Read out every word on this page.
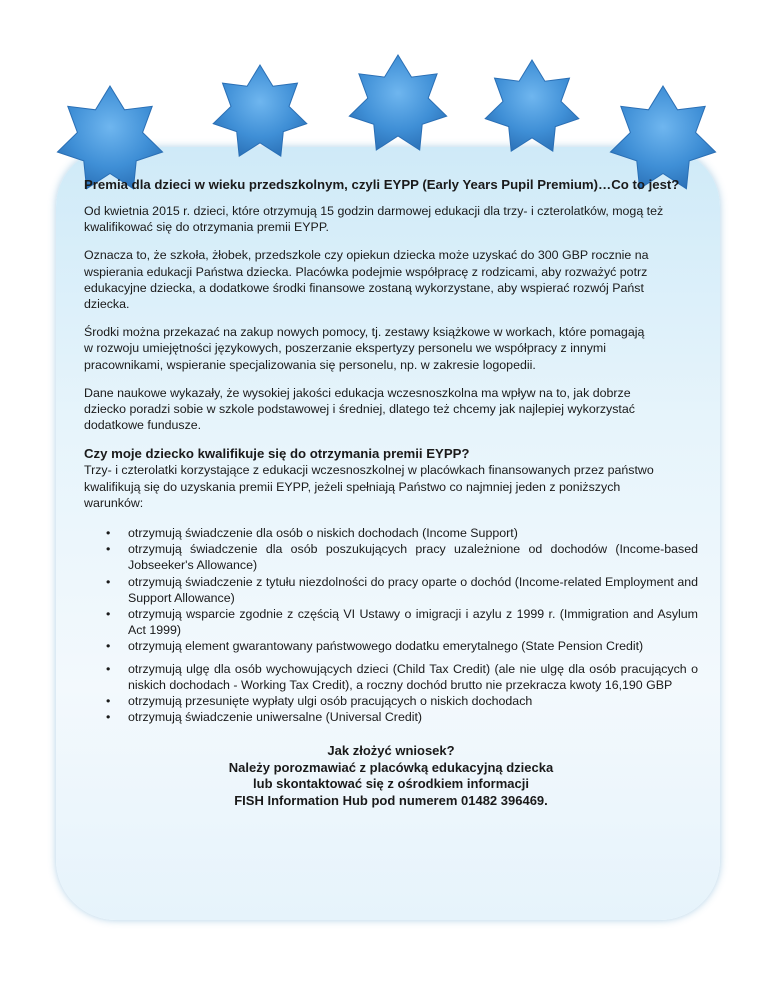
Premia dla dzieci w wieku przedszkolnym, czyli EYPP (Early Years Pupil Premium)…Co to jest?

Od kwietnia 2015 r. dzieci, które otrzymują 15 godzin darmowej edukacji dla trzy- i czterolatków, mogą też kwalifikować się do otrzymania premii EYPP.

Oznacza to, że szkoła, żłobek, przedszkole czy opiekun dziecka może uzyskać do 300 GBP rocznie na
wspierania edukacji Państwa dziecka. Placówka podejmie współpracę z rodzicami, aby rozważyć potrz
edukacyjne dziecka, a dodatkowe środki finansowe zostaną wykorzystane, aby wspierać rozwój Państ
dziecka.

Środki można przekazać na zakup nowych pomocy, tj. zestawy książkowe w workach, które pomagają
w rozwoju umiejętności językowych, poszerzanie ekspertyzy personelu we współpracy z innymi
pracownikami, wspieranie specjalizowania się personelu, np. w zakresie logopedii.

Dane naukowe wykazały, że wysokiej jakości edukacja wczesnoszkolna ma wpływ na to, jak dobrze
dziecko poradzi sobie w szkole podstawowej i średniej, dlatego też chcemy jak najlepiej wykorzystać
dodatkowe fundusze.

Czy moje dziecko kwalifikuje się do otrzymania premii EYPP?
Trzy- i czterolatki korzystające z edukacji wczesnoszkolnej w placówkach finansowanych przez państwo kwalifikują się do uzyskania premii EYPP, jeżeli spełniają Państwo co najmniej jeden z poniższych warunków:
• otrzymują świadczenie dla osób o niskich dochodach (Income Support)
• otrzymują świadczenie dla osób poszukujących pracy uzależnione od dochodów (Income-based Jobseeker's Allowance)
• otrzymują świadczenie z tytułu niezdolności do pracy oparte o dochód (Income-related Employment and Support Allowance)
• otrzymują wsparcie zgodnie z częścią VI Ustawy o imigracji i azylu z 1999 r. (Immigration and Asylum Act 1999)
• otrzymują element gwarantowany państwowego dodatku emerytalnego (State Pension Credit)
• otrzymują ulgę dla osób wychowujących dzieci (Child Tax Credit) (ale nie ulgę dla osób pracujących o niskich dochodach - Working Tax Credit), a roczny dochód brutto nie przekracza kwoty 16,190 GBP
• otrzymują przesunięte wypłaty ulgi osób pracujących o niskich dochodach
• otrzymują świadczenie uniwersalne (Universal Credit)
Jak złożyć wniosek?
Należy porozmawiać z placówką edukacyjną dziecka
lub skontaktować się z ośrodkiem informacji
FISH Information Hub pod numerem 01482 396469.
